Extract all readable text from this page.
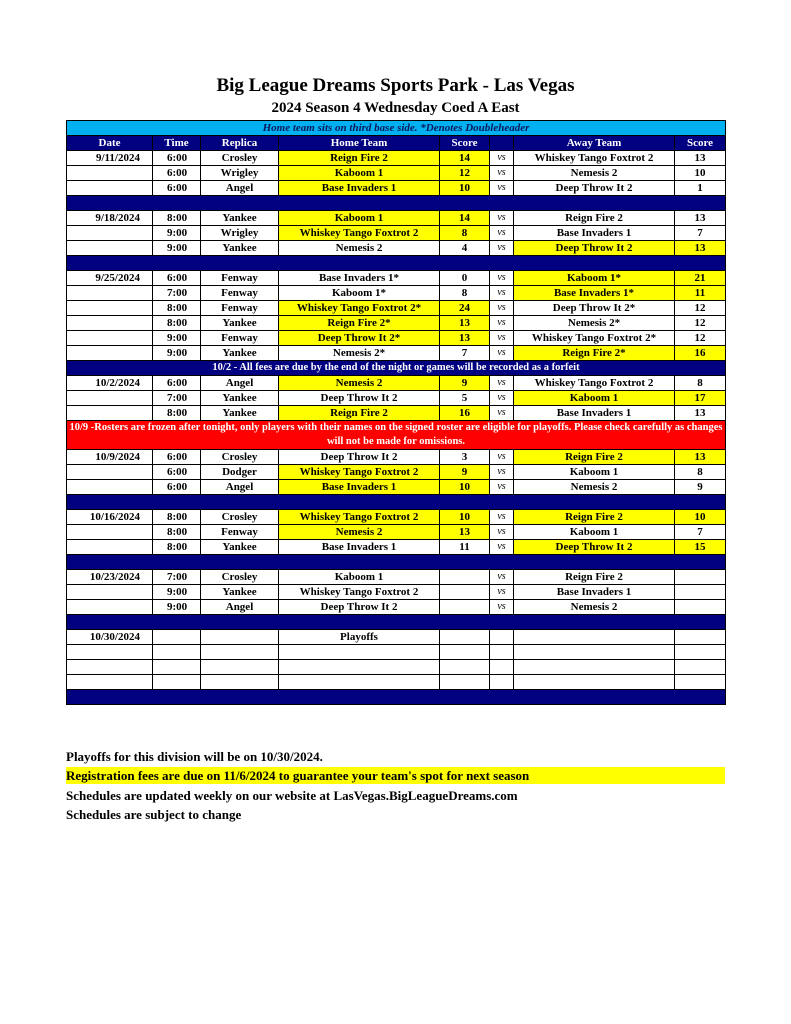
Big League Dreams Sports Park - Las Vegas
2024 Season 4 Wednesday Coed A East
Home team sits on third base side. *Denotes Doubleheader							
Date	Time	Replica	Home Team	Score		Away Team	Score
9/11/2024	6:00	Crosley	Reign Fire 2	14	vs	Whiskey Tango Foxtrot 2	13
	6:00	Wrigley	Kaboom 1	12	vs	Nemesis 2	10
	6:00	Angel	Base Invaders 1	10	vs	Deep Throw It 2	1

9/18/2024	8:00	Yankee	Kaboom 1	14	vs	Reign Fire 2	13
	9:00	Wrigley	Whiskey Tango Foxtrot 2	8	vs	Base Invaders 1	7
	9:00	Yankee	Nemesis 2	4	vs	Deep Throw It 2	13

9/25/2024	6:00	Fenway	Base Invaders 1*	0	vs	Kaboom 1*	21
	7:00	Fenway	Kaboom 1*	8	vs	Base Invaders 1*	11
	8:00	Fenway	Whiskey Tango Foxtrot 2*	24	vs	Deep Throw It 2*	12
	8:00	Yankee	Reign Fire 2*	13	vs	Nemesis 2*	12
	9:00	Fenway	Deep Throw It 2*	13	vs	Whiskey Tango Foxtrot 2*	12
	9:00	Yankee	Nemesis 2*	7	vs	Reign Fire 2*	16
10/2 - All fees are due by the end of the night or games will be recorded as a forfeit							
10/2/2024	6:00	Angel	Nemesis 2	9	vs	Whiskey Tango Foxtrot 2	8
	7:00	Yankee	Deep Throw It 2	5	vs	Kaboom 1	17
	8:00	Yankee	Reign Fire 2	16	vs	Base Invaders 1	13
10/9 -Rosters are frozen after tonight, only players with their names on the signed roster are eligible for playoffs. Please check carefully as changes will not be made for omissions.							
10/9/2024	6:00	Crosley	Deep Throw It 2	3	vs	Reign Fire 2	13
	6:00	Dodger	Whiskey Tango Foxtrot 2	9	vs	Kaboom 1	8
	6:00	Angel	Base Invaders 1	10	vs	Nemesis 2	9

10/16/2024	8:00	Crosley	Whiskey Tango Foxtrot 2	10	vs	Reign Fire 2	10
	8:00	Fenway	Nemesis 2	13	vs	Kaboom 1	7
	8:00	Yankee	Base Invaders 1	11	vs	Deep Throw It 2	15

10/23/2024	7:00	Crosley	Kaboom 1		vs	Reign Fire 2	
	9:00	Yankee	Whiskey Tango Foxtrot 2		vs	Base Invaders 1	
	9:00	Angel	Deep Throw It 2		vs	Nemesis 2	

10/30/2024			Playoffs				

Playoffs for this division will be on 10/30/2024.
Registration fees are due on 11/6/2024 to guarantee your team's spot for next season
Schedules are updated weekly on our website at LasVegas.BigLeagueDreams.com
Schedules are subject to change
